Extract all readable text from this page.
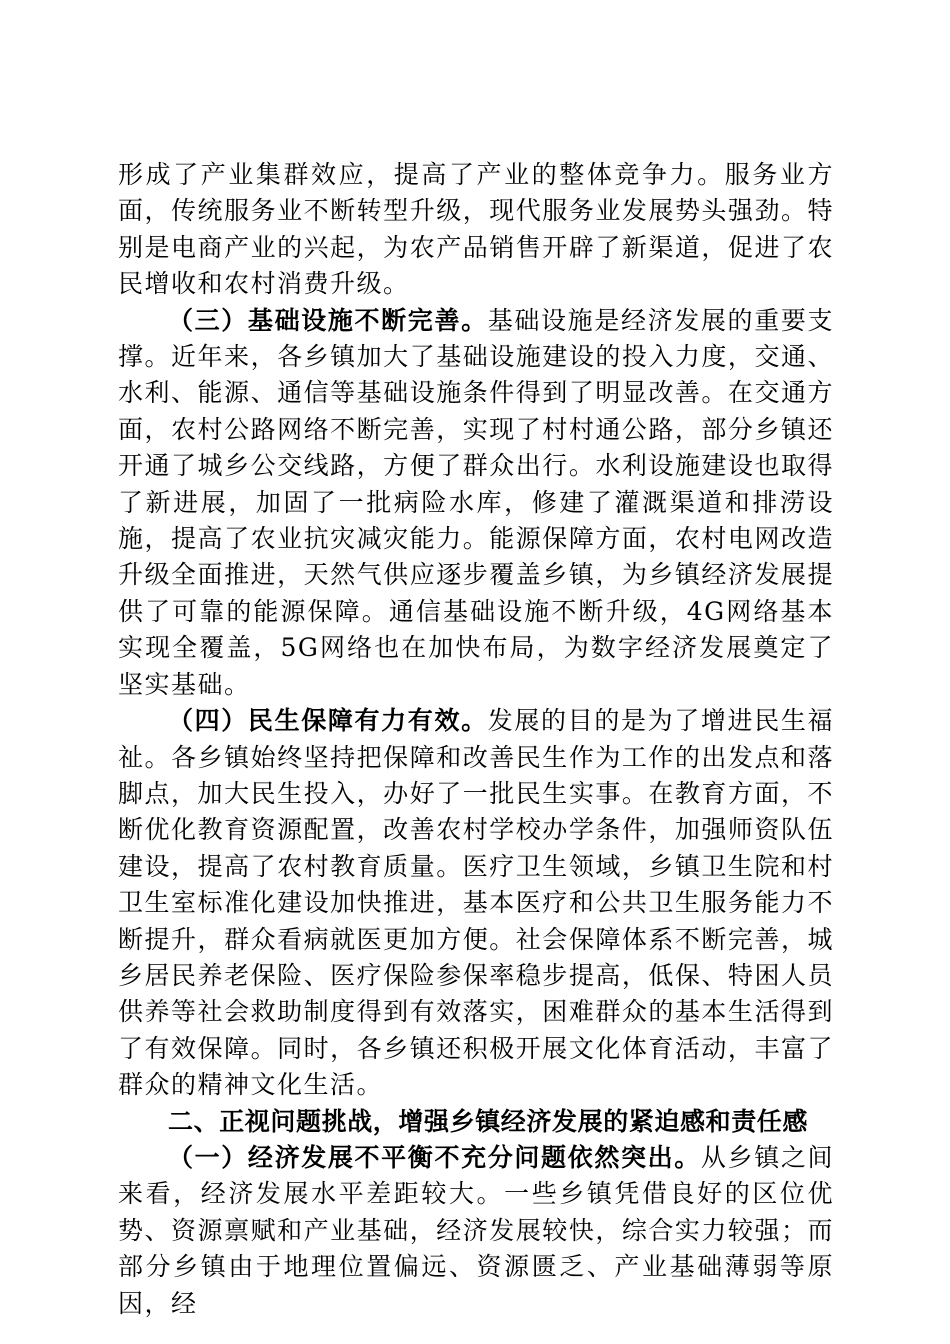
形成了产业集群效应，提高了产业的整体竞争力。服务业方面，传统服务业不断转型升级，现代服务业发展势头强劲。特别是电商产业的兴起，为农产品销售开辟了新渠道，促进了农民增收和农村消费升级。

（三）基础设施不断完善。基础设施是经济发展的重要支撑。近年来，各乡镇加大了基础设施建设的投入力度，交通、水利、能源、通信等基础设施条件得到了明显改善。在交通方面，农村公路网络不断完善，实现了村村通公路，部分乡镇还开通了城乡公交线路，方便了群众出行。水利设施建设也取得了新进展，加固了一批病险水库，修建了灌溉渠道和排涝设施，提高了农业抗灾减灾能力。能源保障方面，农村电网改造升级全面推进，天然气供应逐步覆盖乡镇，为乡镇经济发展提供了可靠的能源保障。通信基础设施不断升级，4G网络基本实现全覆盖，5G网络也在加快布局，为数字经济发展奠定了坚实基础。

（四）民生保障有力有效。发展的目的是为了增进民生福祉。各乡镇始终坚持把保障和改善民生作为工作的出发点和落脚点，加大民生投入，办好了一批民生实事。在教育方面，不断优化教育资源配置，改善农村学校办学条件，加强师资队伍建设，提高了农村教育质量。医疗卫生领域，乡镇卫生院和村卫生室标准化建设加快推进，基本医疗和公共卫生服务能力不断提升，群众看病就医更加方便。社会保障体系不断完善，城乡居民养老保险、医疗保险参保率稳步提高，低保、特困人员供养等社会救助制度得到有效落实，困难群众的基本生活得到了有效保障。同时，各乡镇还积极开展文化体育活动，丰富了群众的精神文化生活。

二、正视问题挑战，增强乡镇经济发展的紧迫感和责任感

（一）经济发展不平衡不充分问题依然突出。从乡镇之间来看，经济发展水平差距较大。一些乡镇凭借良好的区位优势、资源禀赋和产业基础，经济发展较快，综合实力较强；而部分乡镇由于地理位置偏远、资源匮乏、产业基础薄弱等原因，经
